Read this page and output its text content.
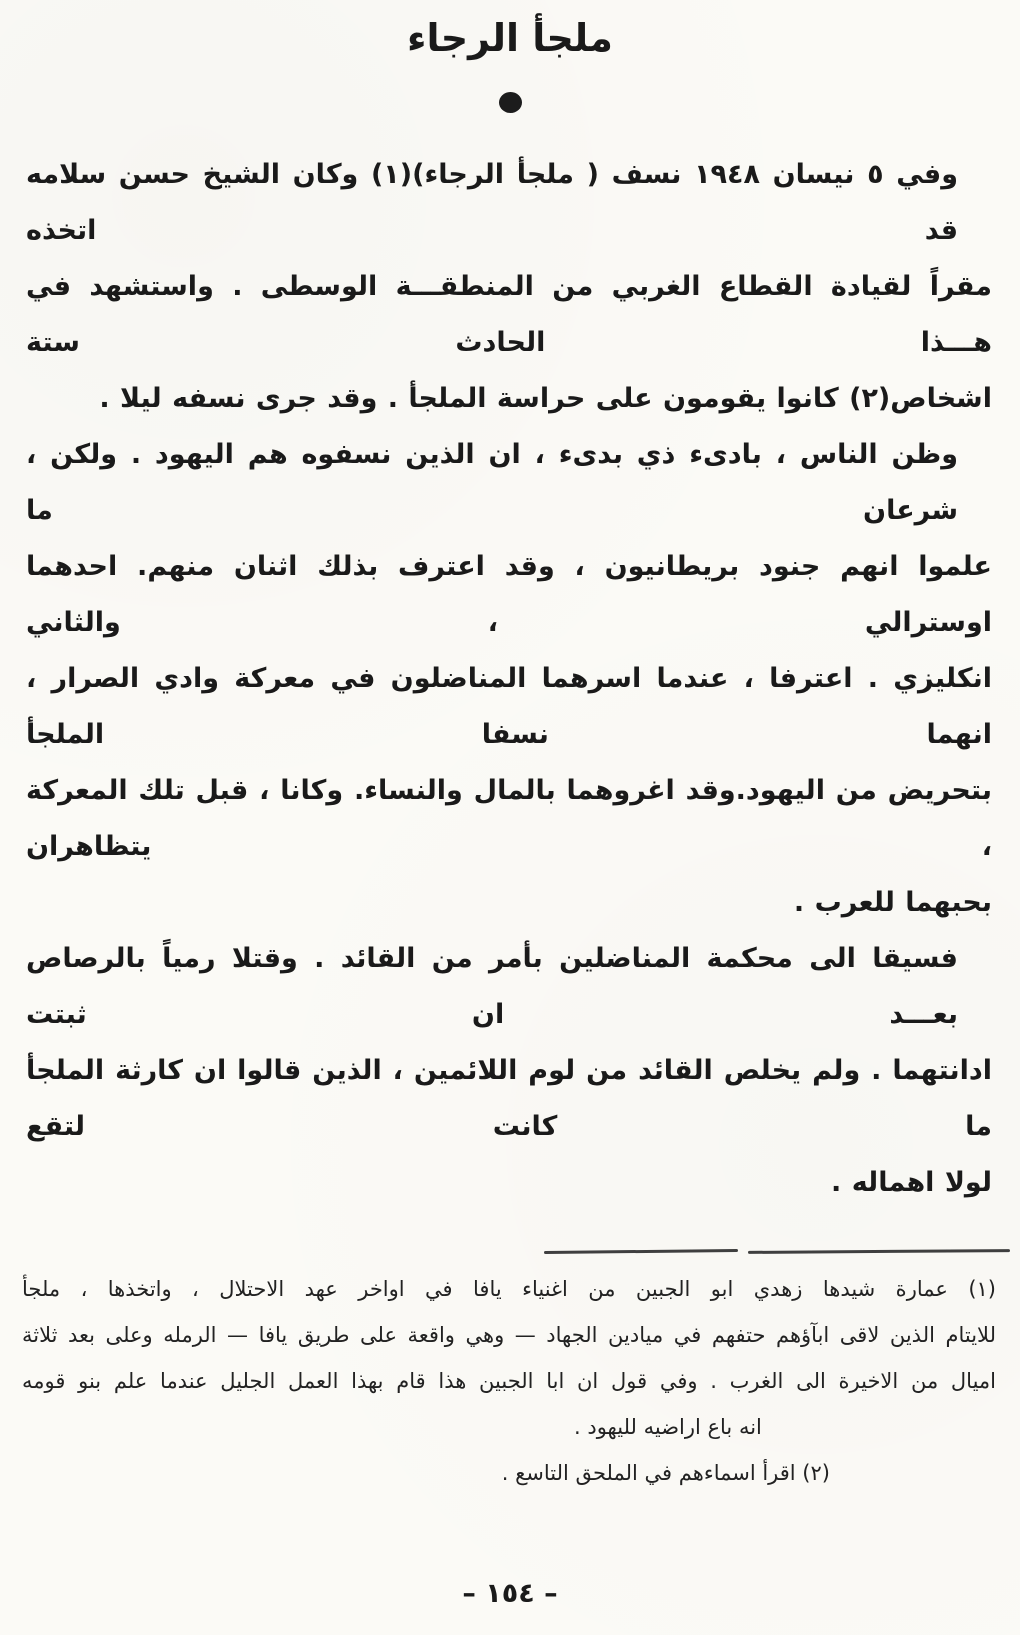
ملجأ الرجاء
وفي ٥ نيسان ١٩٤٨ نسف ( ملجأ الرجاء)(١) وكان الشيخ حسن سلامه قد اتخذه
مقراً لقيادة القطاع الغربي من المنطقـــة الوسطى . واستشهد في هـــذا الحادث ستة
اشخاص(٢) كانوا يقومون على حراسة الملجأ . وقد جرى نسفه ليلا .
وظن الناس ، بادىء ذي بدىء ، ان الذين نسفوه هم اليهود . ولكن ، شرعان ما
علموا انهم جنود بريطانيون ، وقد اعترف بذلك اثنان منهم. احدهما اوسترالي ، والثاني
انكليزي . اعترفا ، عندما اسرهما المناضلون في معركة وادي الصرار ، انهما نسفا الملجأ
بتحريض من اليهود.وقد اغروهما بالمال والنساء. وكانا ، قبل تلك المعركة ، يتظاهران
بحبهما للعرب .
فسيقا الى محكمة المناضلين بأمر من القائد . وقتلا رمياً بالرصاص بعـــد ان ثبتت
ادانتهما . ولم يخلص القائد من لوم اللائمين ، الذين قالوا ان كارثة الملجأ ما كانت لتقع
لولا اهماله .
(١) عمارة شيدها زهدي ابو الجبين من اغنياء يافا في اواخر عهد الاحتلال ، واتخذها ، ملجأ
للايتام الذين لاقى ابآؤهم حتفهم في ميادين الجهاد — وهي واقعة على طريق يافا — الرمله وعلى بعد ثلاثة
اميال من الاخيرة الى الغرب . وفي قول ان ابا الجبين هذا قام بهذا العمل الجليل عندما علم بنو قومه
انه باع اراضيه لليهود .
(٢) اقرأ اسماءهم في الملحق التاسع .
– ١٥٤ –
